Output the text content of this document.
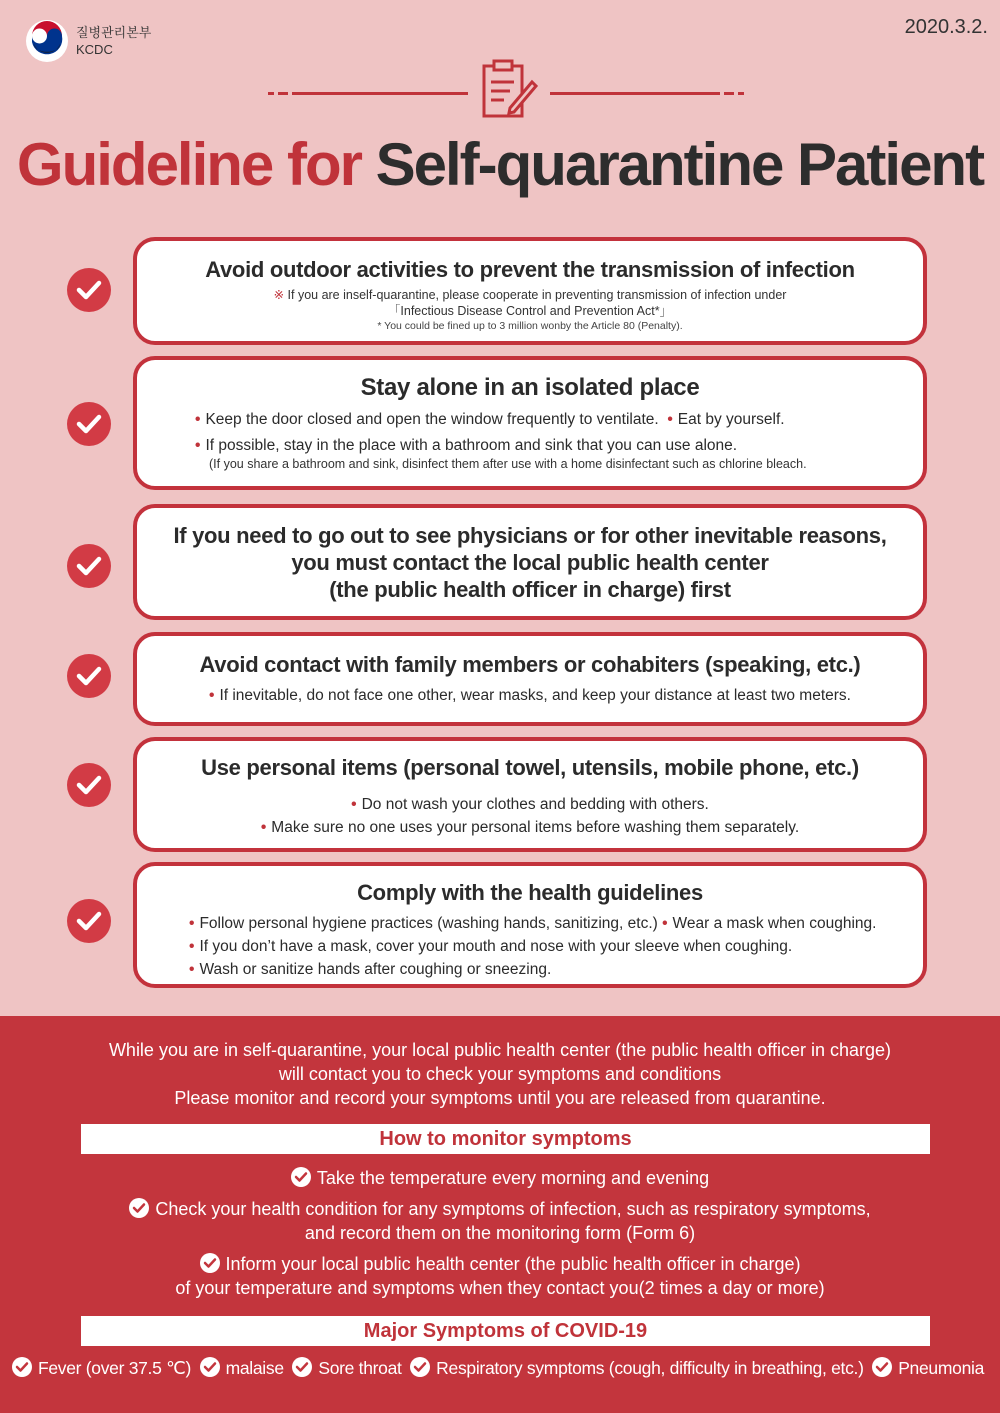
질병관리본부
KCDC
2020.3.2.
Guideline for Self-quarantine Patient
Avoid outdoor activities to prevent the transmission of infection
※ If you are inself-quarantine, please cooperate in preventing transmission of infection under
「Infectious Disease Control and Prevention Act*」
* You could be fined up to 3 million wonby the Article 80 (Penalty).
Stay alone in an isolated place
• Keep the door closed and open the window frequently to ventilate. • Eat by yourself.
• If possible, stay in the place with a bathroom and sink that you can use alone.
(If you share a bathroom and sink, disinfect them after use with a home disinfectant such as chlorine bleach.
If you need to go out to see physicians or for other inevitable reasons,
you must contact the local public health center
(the public health officer in charge) first
Avoid contact with family members or cohabiters (speaking, etc.)
• If inevitable, do not face one other, wear masks, and keep your distance at least two meters.
Use personal items (personal towel, utensils, mobile phone, etc.)
• Do not wash your clothes and bedding with others.
• Make sure no one uses your personal items before washing them separately.
Comply with the health guidelines
• Follow personal hygiene practices (washing hands, sanitizing, etc.) • Wear a mask when coughing.
• If you don’t have a mask, cover your mouth and nose with your sleeve when coughing.
• Wash or sanitize hands after coughing or sneezing.
While you are in self-quarantine, your local public health center (the public health officer in charge)
will contact you to check your symptoms and conditions
Please monitor and record your symptoms until you are released from quarantine.
How to monitor symptoms
Take the temperature every morning and evening
Check your health condition for any symptoms of infection, such as respiratory symptoms,
and record them on the monitoring form (Form 6)
Inform your local public health center (the public health officer in charge)
of your temperature and symptoms when they contact you(2 times a day or more)
Major Symptoms of COVID-19
Fever (over 37.5 ℃) malaise Sore throat Respiratory symptoms (cough, difficulty in breathing, etc.) Pneumonia
